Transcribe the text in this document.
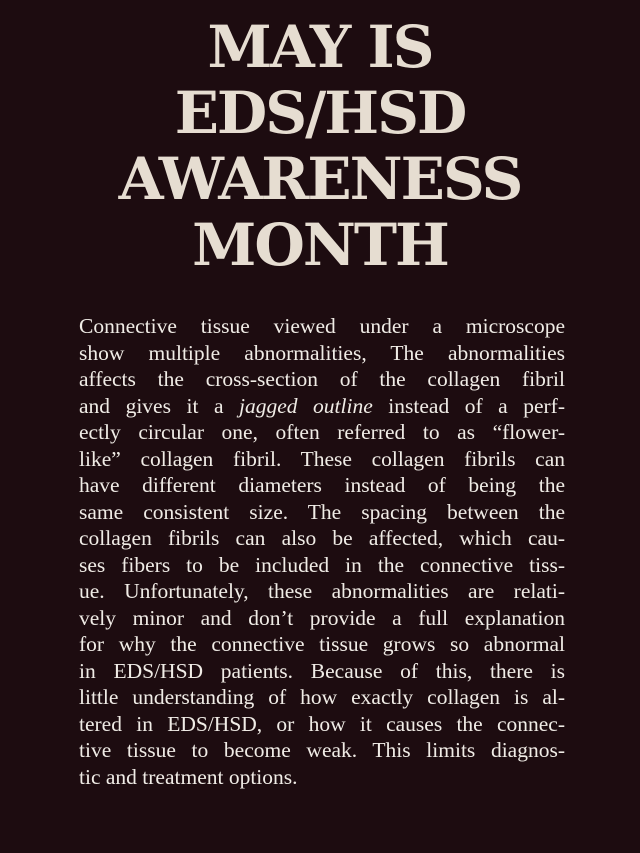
MAY IS
EDS/HSD
AWARENESS
MONTH
Connective tissue viewed under a microscope
show multiple abnormalities, The abnormalities
affects the cross-section of the collagen fibril
and gives it a jagged outline instead of a perf-
ectly circular one, often referred to as “flower-
like” collagen fibril. These collagen fibrils can
have different diameters instead of being the
same consistent size. The spacing between the
collagen fibrils can also be affected, which cau-
ses fibers to be included in the connective tiss-
ue. Unfortunately, these abnormalities are relati-
vely minor and don’t provide a full explanation
for why the connective tissue grows so abnormal
in EDS/HSD patients. Because of this, there is
little understanding of how exactly collagen is al-
tered in EDS/HSD, or how it causes the connec-
tive tissue to become weak. This limits diagnos-
tic and treatment options.
